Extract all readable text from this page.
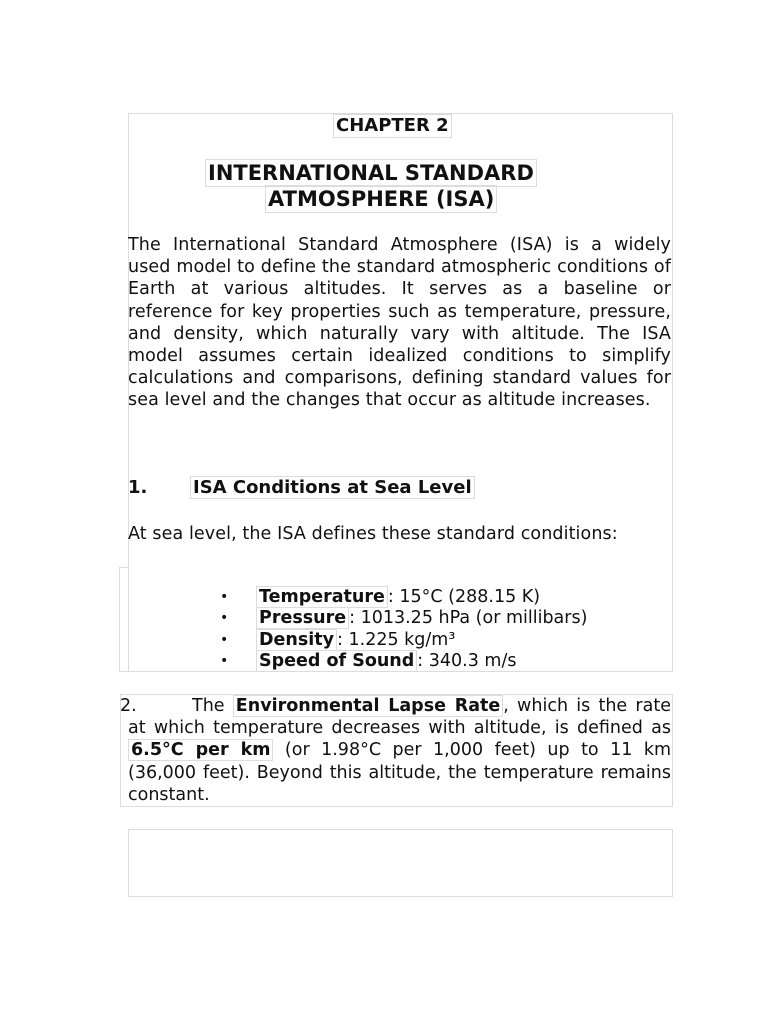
CHAPTER 2
INTERNATIONAL STANDARD
ATMOSPHERE (ISA)

The International Standard Atmosphere (ISA) is a widely used model to define the standard atmospheric conditions of Earth at various altitudes. It serves as a baseline or reference for key properties such as temperature, pressure, and density, which naturally vary with altitude. The ISA model assumes certain idealized conditions to simplify calculations and comparisons, defining standard values for sea level and the changes that occur as altitude increases.

1.	ISA Conditions at Sea Level

At sea level, the ISA defines these standard conditions:

• Temperature : 15°C (288.15 K)
• Pressure : 1013.25 hPa (or millibars)
• Density : 1.225 kg/m³
• Speed of Sound : 340.3 m/s
2.	The Environmental Lapse Rate , which is the rate at which temperature decreases with altitude, is defined as 6.5°C per km (or 1.98°C per 1,000 feet) up to 11 km (36,000 feet). Beyond this altitude, the temperature remains constant.
